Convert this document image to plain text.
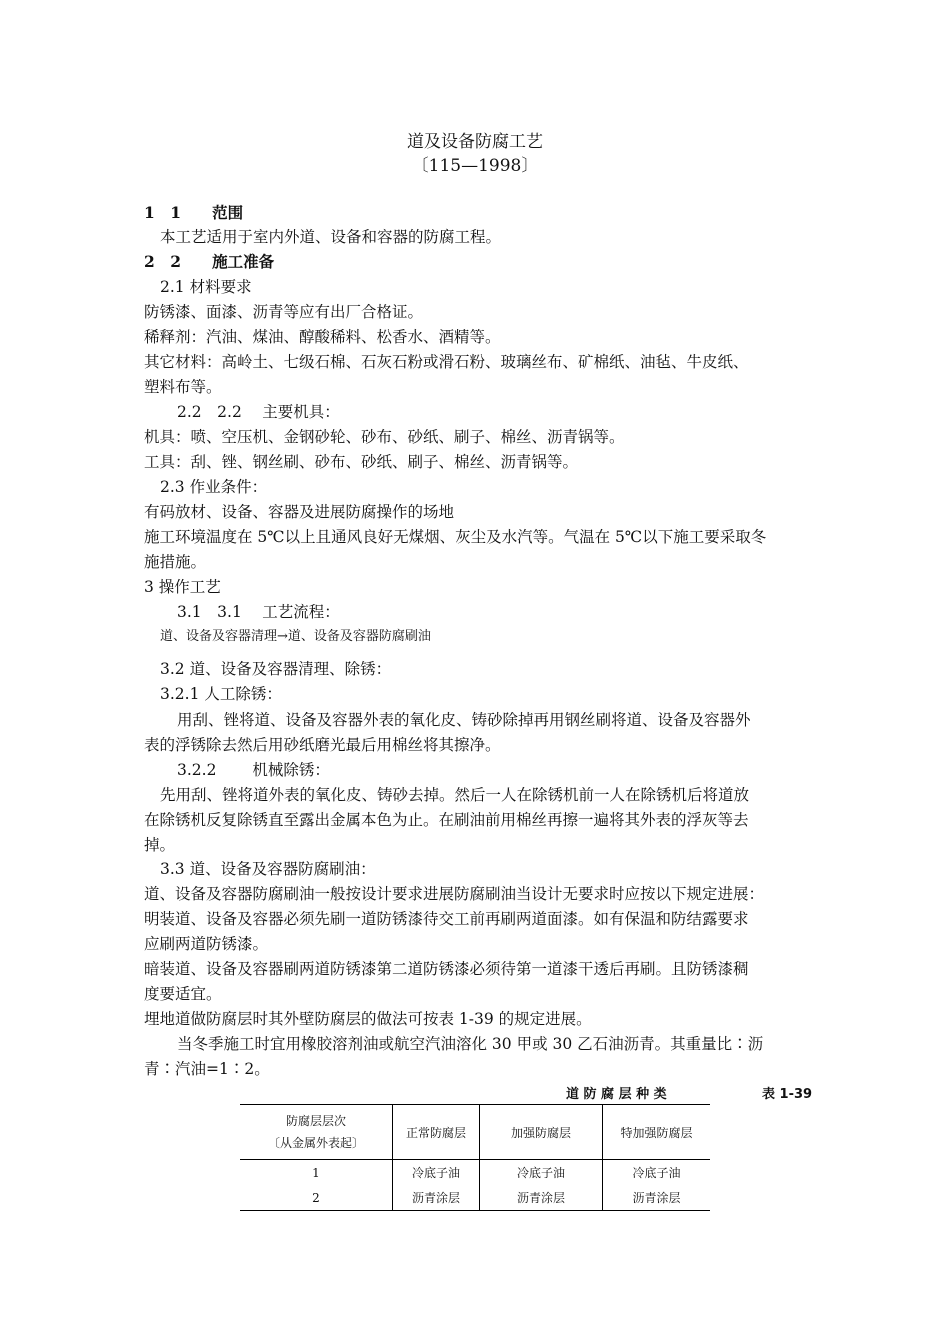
道及设备防腐工艺
〔115—1998〕
1　1　　范围
本工艺适用于室内外道、设备和容器的防腐工程。
2　2　　施工准备
2.1 材料要求
防锈漆、面漆、沥青等应有出厂合格证。
稀释剂：汽油、煤油、醇酸稀料、松香水、酒精等。
其它材料：高岭土、七级石棉、石灰石粉或滑石粉、玻璃丝布、矿棉纸、油毡、牛皮纸、
塑料布等。
2.2　2.2　 主要机具：
机具：喷、空压机、金钢砂轮、砂布、砂纸、刷子、棉丝、沥青锅等。
工具：刮、锉、钢丝刷、砂布、砂纸、刷子、棉丝、沥青锅等。
2.3 作业条件：
有码放材、设备、容器及进展防腐操作的场地
施工环境温度在 5℃以上且通风良好无煤烟、灰尘及水汽等。气温在 5℃以下施工要采取冬
施措施。
3 操作工艺
3.1　3.1　 工艺流程：
道、设备及容器清理→道、设备及容器防腐刷油
3.2 道、设备及容器清理、除锈：
3.2.1 人工除锈：
用刮、锉将道、设备及容器外表的氧化皮、铸砂除掉再用钢丝刷将道、设备及容器外
表的浮锈除去然后用砂纸磨光最后用棉丝将其擦净。
3.2.2　　 机械除锈：
先用刮、锉将道外表的氧化皮、铸砂去掉。然后一人在除锈机前一人在除锈机后将道放
在除锈机反复除锈直至露出金属本色为止。在刷油前用棉丝再擦一遍将其外表的浮灰等去
掉。
3.3 道、设备及容器防腐刷油：
道、设备及容器防腐刷油一般按设计要求进展防腐刷油当设计无要求时应按以下规定进展：
明装道、设备及容器必须先刷一道防锈漆待交工前再刷两道面漆。如有保温和防结露要求
应刷两道防锈漆。
暗装道、设备及容器刷两道防锈漆第二道防锈漆必须待第一道漆干透后再刷。且防锈漆稠
度要适宜。
埋地道做防腐层时其外壁防腐层的做法可按表 1-39 的规定进展。
当冬季施工时宜用橡胶溶剂油或航空汽油溶化 30 甲或 30 乙石油沥青。其重量比∶沥
青∶汽油=1∶2。
道 防 腐 层 种 类	表 1-39
防腐层层次
〔从金属外表起〕	正常防腐层	加强防腐层	特加强防腐层
1	冷底子油	冷底子油	冷底子油
2	沥青涂层	沥青涂层	沥青涂层
